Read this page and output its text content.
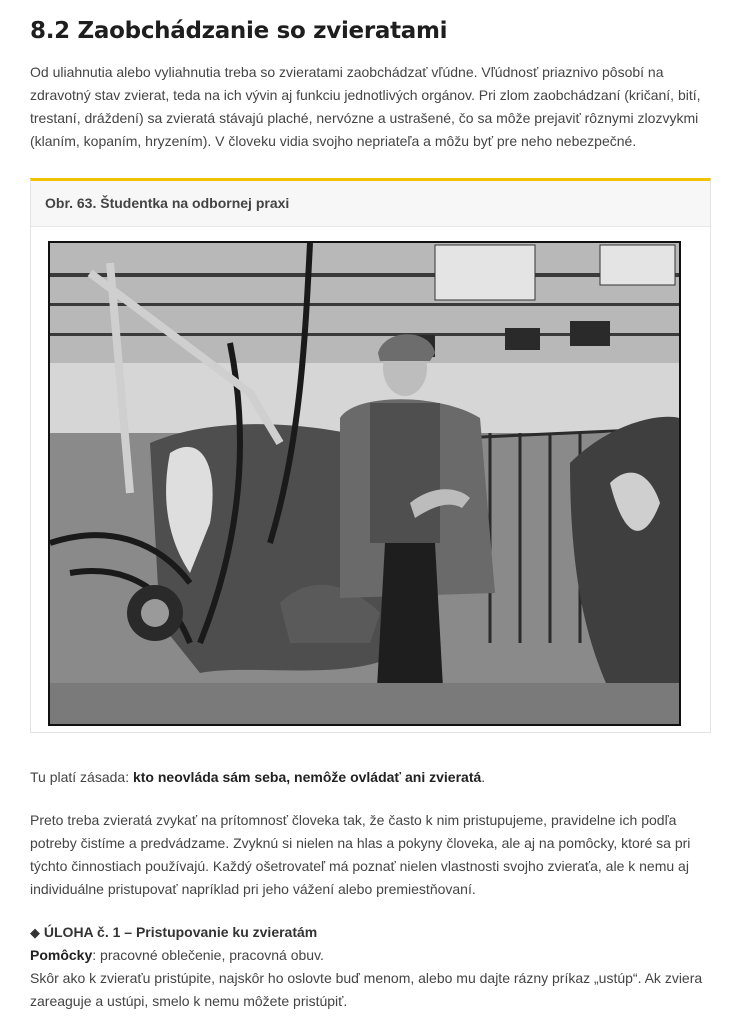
8.2 Zaobchádzanie so zvieratami

Od uliahnutia alebo vyliahnutia treba so zvieratami zaobchádzať vľúdne. Vľúdnosť priaznivo pôsobí na zdravotný stav zvierat, teda na ich vývin aj funkciu jednotlivých orgánov. Pri zlom zaobchádzaní (kričaní, bití, trestaní, dráždení) sa zvieratá stávajú plaché, nervózne a ustrašené, čo sa môže prejaviť rôznymi zlozvykmi (klaním, kopaním, hryzením). V človeku vidia svojho nepriateľa a môžu byť pre neho nebezpečné.

Obr. 63. Študentka na odbornej praxi

Tu platí zásada: kto neovláda sám seba, nemôže ovládať ani zvieratá.

Preto treba zvieratá zvykať na prítomnosť človeka tak, že často k nim pristupujeme, pravidelne ich podľa potreby čistíme a predvádzame. Zvyknú si nielen na hlas a pokyny človeka, ale aj na pomôcky, ktoré sa pri týchto činnostiach používajú. Každý ošetrovateľ má poznať nielen vlastnosti svojho zvieraťa, ale k nemu aj individuálne pristupovať napríklad pri jeho vážení alebo premiestňovaní.

◆ ÚLOHA č. 1 – Pristupovanie ku zvieratám

Pomôcky: pracovné oblečenie, pracovná obuv.

Skôr ako k zvieraťu pristúpite, najskôr ho oslovte buď menom, alebo mu dajte rázny príkaz „ustúp“. Ak zviera zareaguje a ustúpi, smelo k nemu môžete pristúpiť.
